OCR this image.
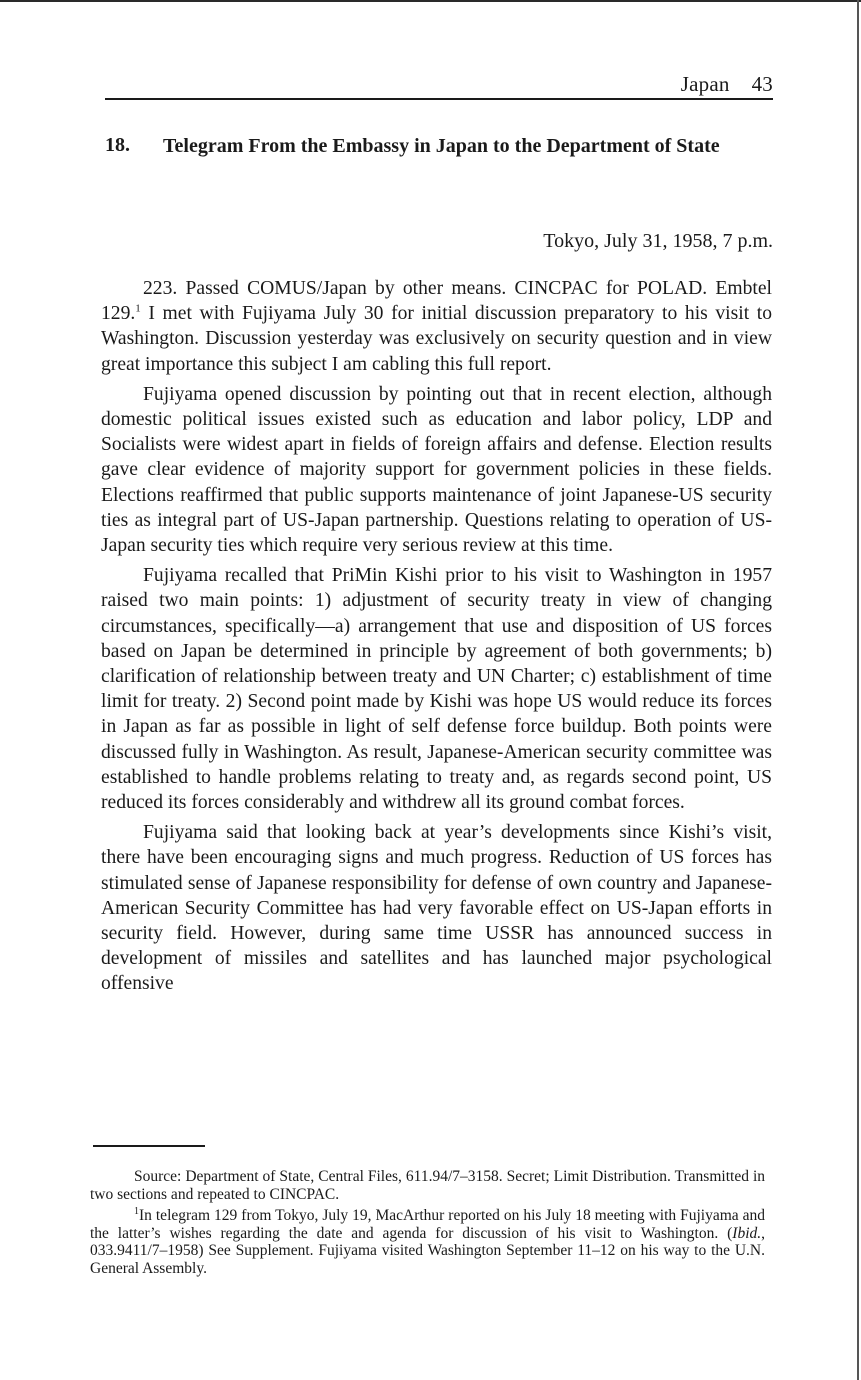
Japan 43
18. Telegram From the Embassy in Japan to the Department of State
Tokyo, July 31, 1958, 7 p.m.

223. Passed COMUS/Japan by other means. CINCPAC for POLAD. Embtel 129.$^1$ I met with Fujiyama July 30 for initial discussion preparatory to his visit to Washington. Discussion yesterday was exclusively on security question and in view great importance this subject I am cabling this full report.

Fujiyama opened discussion by pointing out that in recent election, although domestic political issues existed such as education and labor policy, LDP and Socialists were widest apart in fields of foreign affairs and defense. Election results gave clear evidence of majority support for government policies in these fields. Elections reaffirmed that public supports maintenance of joint Japanese-US security ties as integral part of US-Japan partnership. Questions relating to operation of US-Japan security ties which require very serious review at this time.

Fujiyama recalled that PriMin Kishi prior to his visit to Washington in 1957 raised two main points: 1) adjustment of security treaty in view of changing circumstances, specifically—a) arrangement that use and disposition of US forces based on Japan be determined in principle by agreement of both governments; b) clarification of relationship between treaty and UN Charter; c) establishment of time limit for treaty. 2) Second point made by Kishi was hope US would reduce its forces in Japan as far as possible in light of self defense force buildup. Both points were discussed fully in Washington. As result, Japanese-American security committee was established to handle problems relating to treaty and, as regards second point, US reduced its forces considerably and withdrew all its ground combat forces.

Fujiyama said that looking back at year’s developments since Kishi’s visit, there have been encouraging signs and much progress. Reduction of US forces has stimulated sense of Japanese responsibility for defense of own country and Japanese-American Security Committee has had very favorable effect on US-Japan efforts in security field. However, during same time USSR has announced success in development of missiles and satellites and has launched major psychological offensive

Source: Department of State, Central Files, 611.94/7–3158. Secret; Limit Distribution. Transmitted in two sections and repeated to CINCPAC.

$^1$In telegram 129 from Tokyo, July 19, MacArthur reported on his July 18 meeting with Fujiyama and the latter’s wishes regarding the date and agenda for discussion of his visit to Washington. (Ibid., 033.9411/7–1958) See Supplement. Fujiyama visited Washington September 11–12 on his way to the U.N. General Assembly.
